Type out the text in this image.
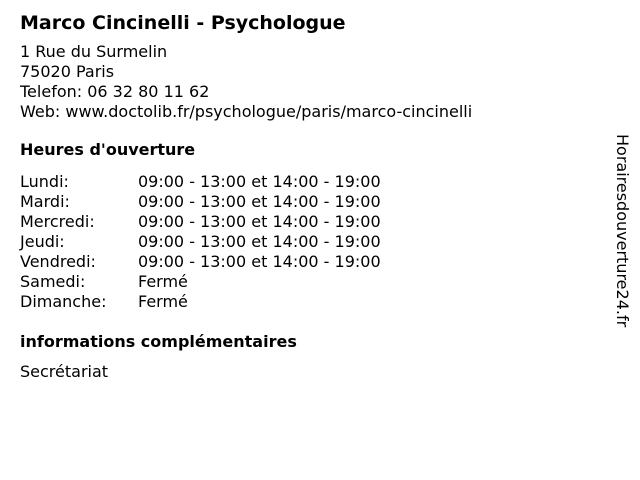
Marco Cincinelli - Psychologue
1 Rue du Surmelin
75020 Paris
Telefon: 06 32 80 11 62
Web: www.doctolib.fr/psychologue/paris/marco-cincinelli
Heures d'ouverture
Lundi:	09:00 - 13:00 et 14:00 - 19:00
Mardi:	09:00 - 13:00 et 14:00 - 19:00
Mercredi:	09:00 - 13:00 et 14:00 - 19:00
Jeudi:	09:00 - 13:00 et 14:00 - 19:00
Vendredi:	09:00 - 13:00 et 14:00 - 19:00
Samedi:	Fermé
Dimanche:	Fermé
informations complémentaires
Secrétariat
Horairesdouverture24.fr
